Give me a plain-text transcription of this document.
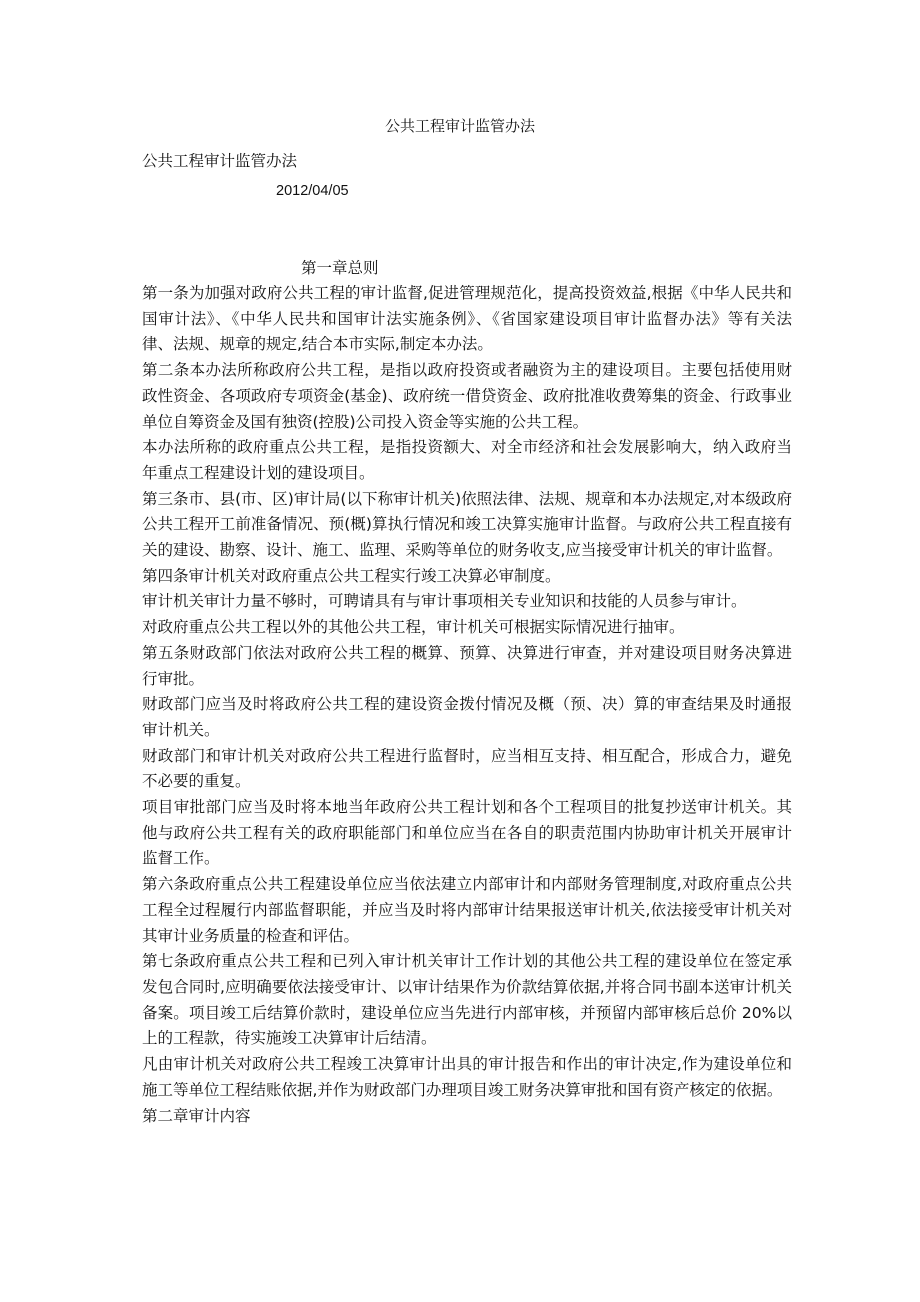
公共工程审计监管办法

公共工程审计监管办法

2012/04/05
第一章总则

第一条为加强对政府公共工程的审计监督,促进管理规范化，提高投资效益,根据《中华人民共和国审计法》、《中华人民共和国审计法实施条例》、《省国家建设项目审计监督办法》等有关法律、法规、规章的规定,结合本市实际,制定本办法。

第二条本办法所称政府公共工程，是指以政府投资或者融资为主的建设项目。主要包括使用财政性资金、各项政府专项资金(基金)、政府统一借贷资金、政府批准收费筹集的资金、行政事业单位自筹资金及国有独资(控股)公司投入资金等实施的公共工程。

本办法所称的政府重点公共工程，是指投资额大、对全市经济和社会发展影响大，纳入政府当年重点工程建设计划的建设项目。

第三条市、县(市、区)审计局(以下称审计机关)依照法律、法规、规章和本办法规定,对本级政府公共工程开工前准备情况、预(概)算执行情况和竣工决算实施审计监督。与政府公共工程直接有关的建设、勘察、设计、施工、监理、采购等单位的财务收支,应当接受审计机关的审计监督。

第四条审计机关对政府重点公共工程实行竣工决算必审制度。

审计机关审计力量不够时，可聘请具有与审计事项相关专业知识和技能的人员参与审计。

对政府重点公共工程以外的其他公共工程，审计机关可根据实际情况进行抽审。

第五条财政部门依法对政府公共工程的概算、预算、决算进行审查，并对建设项目财务决算进行审批。

财政部门应当及时将政府公共工程的建设资金拨付情况及概（预、决）算的审查结果及时通报审计机关。

财政部门和审计机关对政府公共工程进行监督时，应当相互支持、相互配合，形成合力，避免不必要的重复。

项目审批部门应当及时将本地当年政府公共工程计划和各个工程项目的批复抄送审计机关。其他与政府公共工程有关的政府职能部门和单位应当在各自的职责范围内协助审计机关开展审计监督工作。

第六条政府重点公共工程建设单位应当依法建立内部审计和内部财务管理制度,对政府重点公共工程全过程履行内部监督职能，并应当及时将内部审计结果报送审计机关,依法接受审计机关对其审计业务质量的检查和评估。

第七条政府重点公共工程和已列入审计机关审计工作计划的其他公共工程的建设单位在签定承发包合同时,应明确要依法接受审计、以审计结果作为价款结算依据,并将合同书副本送审计机关备案。项目竣工后结算价款时，建设单位应当先进行内部审核，并预留内部审核后总价 20%以上的工程款，待实施竣工决算审计后结清。

凡由审计机关对政府公共工程竣工决算审计出具的审计报告和作出的审计决定,作为建设单位和施工等单位工程结账依据,并作为财政部门办理项目竣工财务决算审批和国有资产核定的依据。

第二章审计内容
